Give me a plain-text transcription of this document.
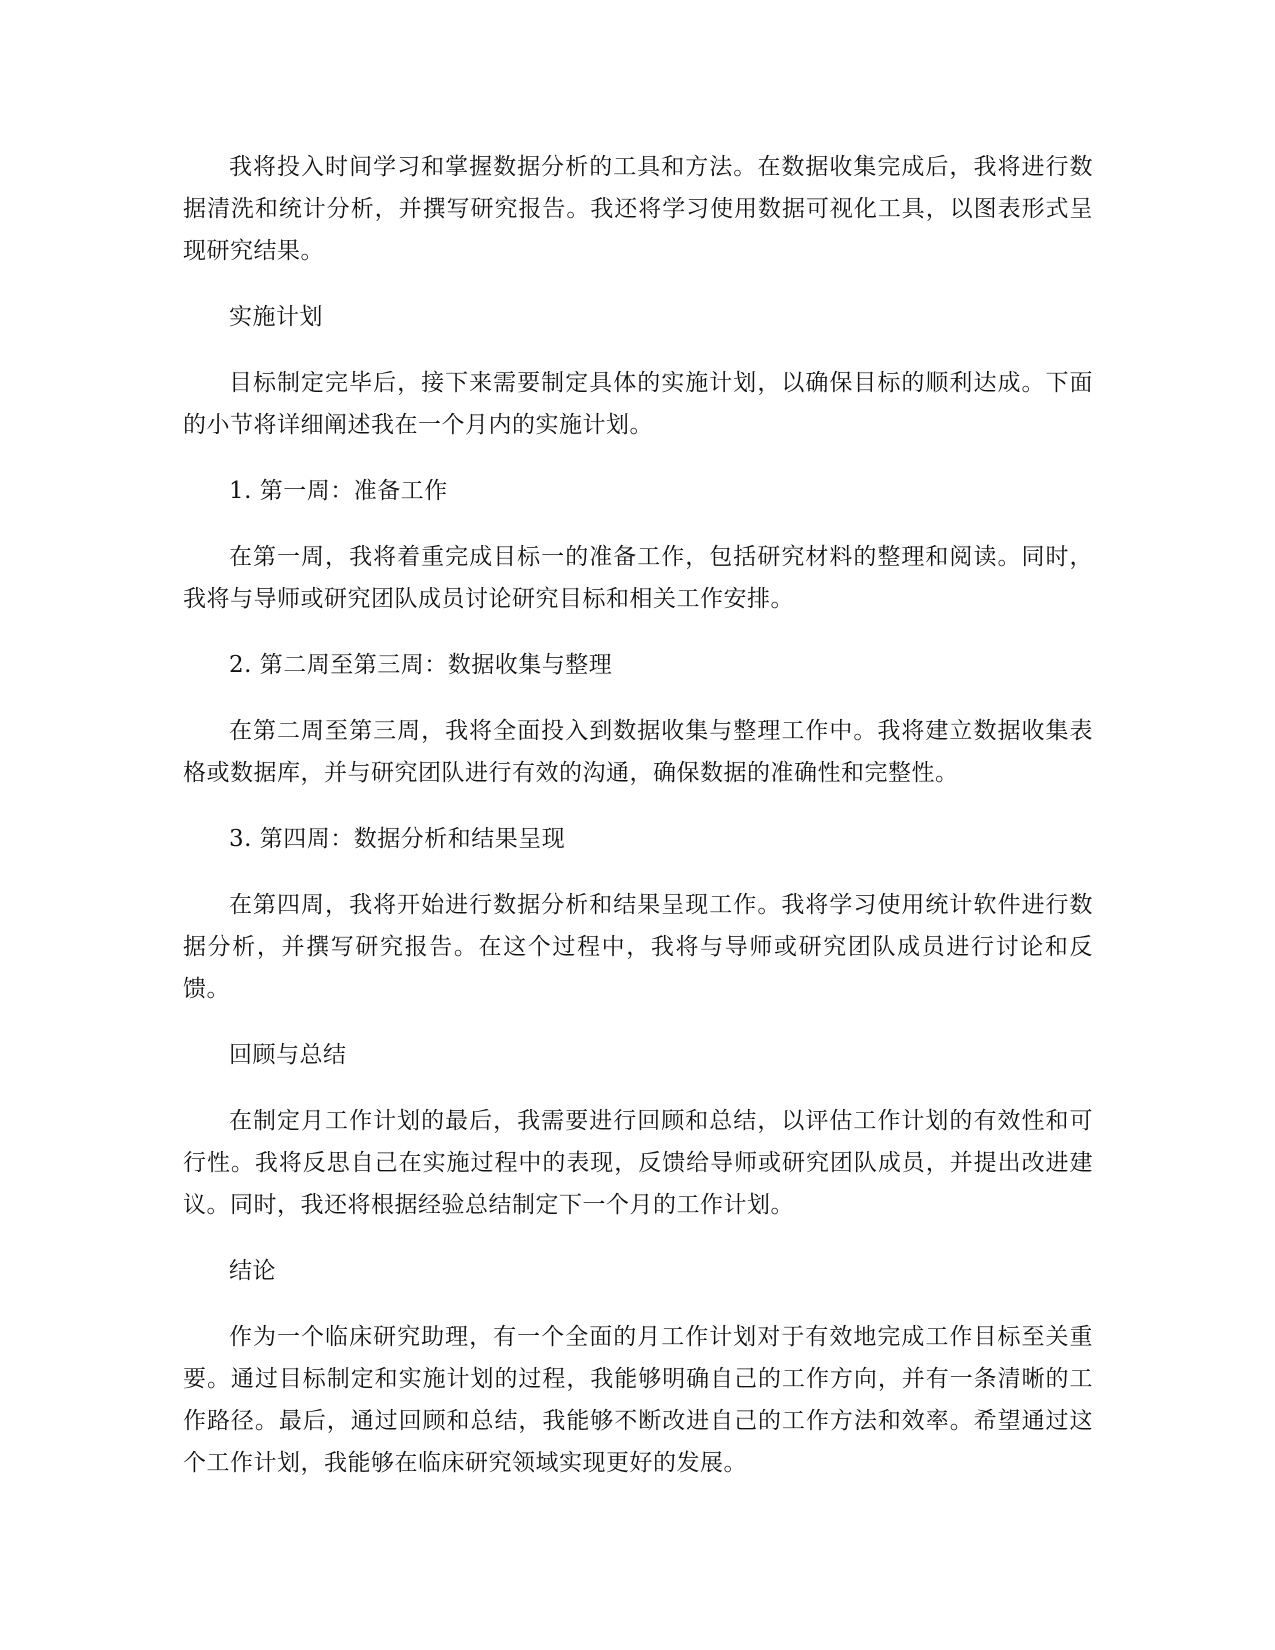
我将投入时间学习和掌握数据分析的工具和方法。在数据收集完成后，我将进行数据清洗和统计分析，并撰写研究报告。我还将学习使用数据可视化工具，以图表形式呈现研究结果。

实施计划

目标制定完毕后，接下来需要制定具体的实施计划，以确保目标的顺利达成。下面的小节将详细阐述我在一个月内的实施计划。

1. 第一周：准备工作

在第一周，我将着重完成目标一的准备工作，包括研究材料的整理和阅读。同时，我将与导师或研究团队成员讨论研究目标和相关工作安排。

2. 第二周至第三周：数据收集与整理

在第二周至第三周，我将全面投入到数据收集与整理工作中。我将建立数据收集表格或数据库，并与研究团队进行有效的沟通，确保数据的准确性和完整性。

3. 第四周：数据分析和结果呈现

在第四周，我将开始进行数据分析和结果呈现工作。我将学习使用统计软件进行数据分析，并撰写研究报告。在这个过程中，我将与导师或研究团队成员进行讨论和反馈。

回顾与总结

在制定月工作计划的最后，我需要进行回顾和总结，以评估工作计划的有效性和可行性。我将反思自己在实施过程中的表现，反馈给导师或研究团队成员，并提出改进建议。同时，我还将根据经验总结制定下一个月的工作计划。

结论

作为一个临床研究助理，有一个全面的月工作计划对于有效地完成工作目标至关重要。通过目标制定和实施计划的过程，我能够明确自己的工作方向，并有一条清晰的工作路径。最后，通过回顾和总结，我能够不断改进自己的工作方法和效率。希望通过这个工作计划，我能够在临床研究领域实现更好的发展。
